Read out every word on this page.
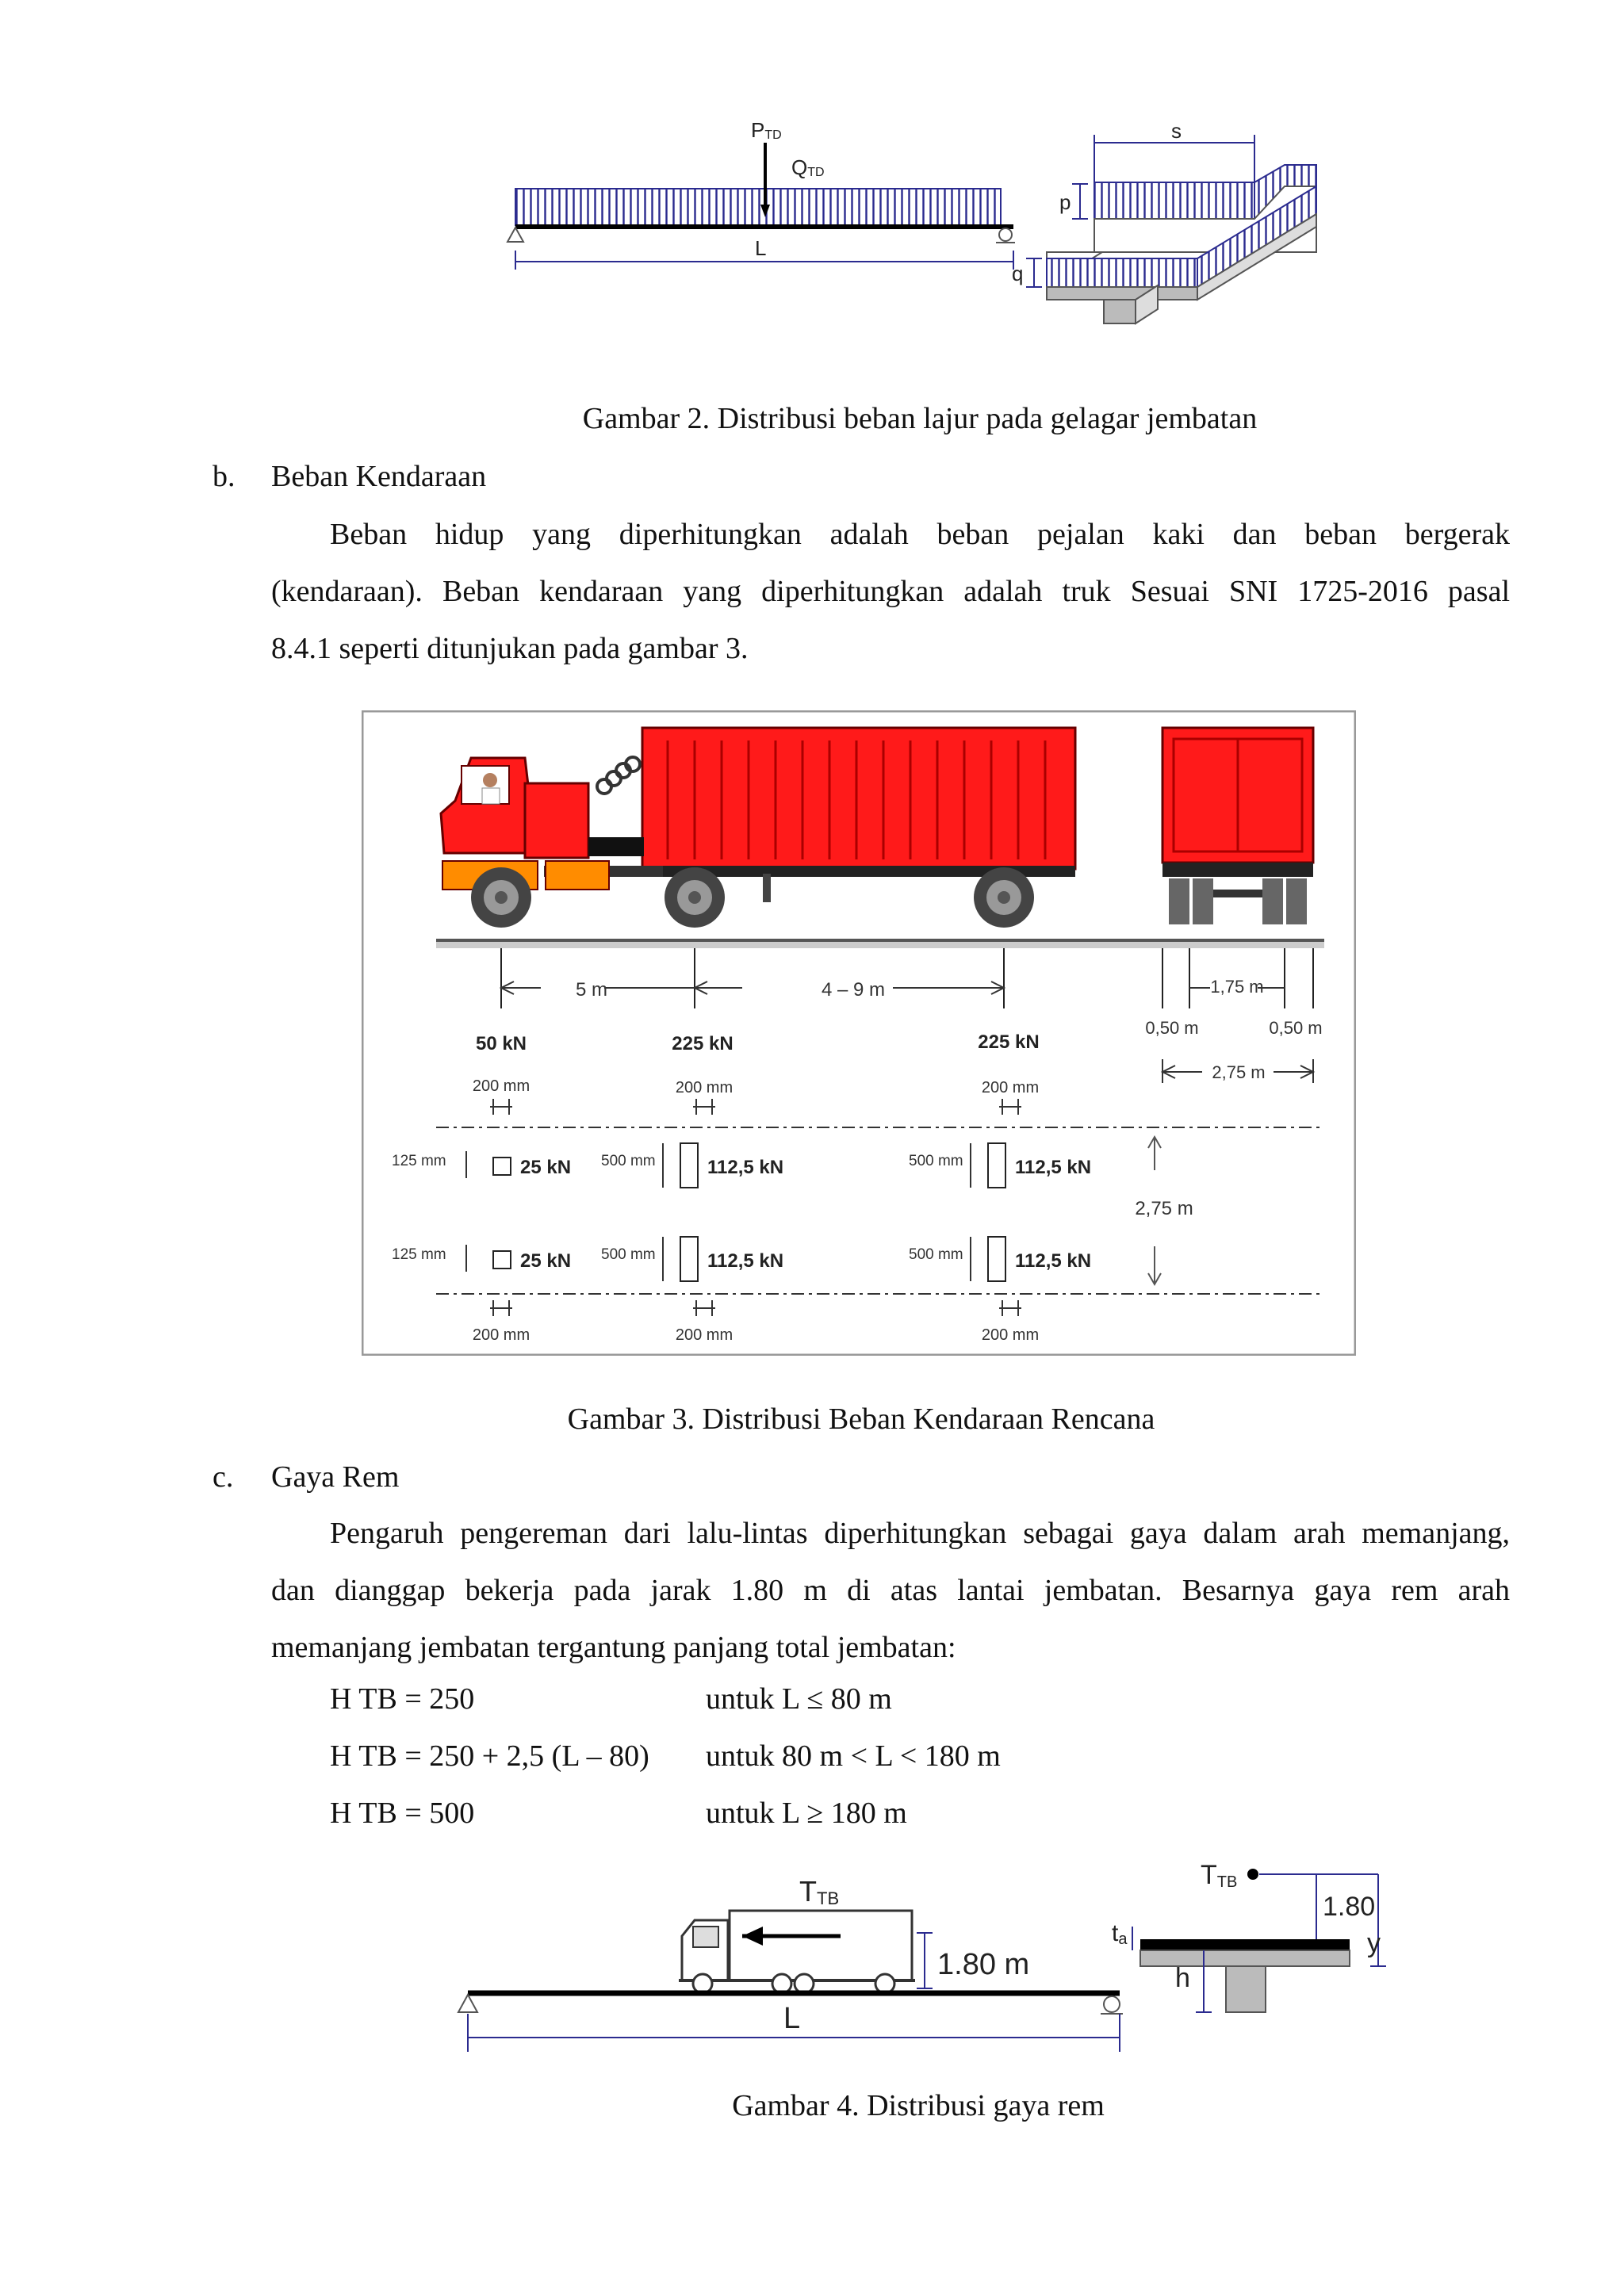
PTD
QTD
L
s
p
q
Gambar 2. Distribusi beban lajur pada gelagar jembatan
b. Beban Kendaraan
Beban hidup yang diperhitungkan adalah beban pejalan kaki dan beban bergerak
(kendaraan). Beban kendaraan yang diperhitungkan adalah truk Sesuai SNI 1725-2016 pasal
8.4.1 seperti ditunjukan pada gambar 3.
5 m	4 – 9 m	1,75 m
0,50 m	0,50 m
2,75 m
50 kN	225 kN	225 kN
200 mm	200 mm	200 mm
200 mm	200 mm	200 mm
125 mm	25 kN 500 mm	112,5 kN	500 mm	112,5 kN
125 mm	25 kN 500 mm	112,5 kN	500 mm	112,5 kN
2,75 m
Gambar 3. Distribusi Beban Kendaraan Rencana
c. Gaya Rem
Pengaruh pengereman dari lalu-lintas diperhitungkan sebagai gaya dalam arah memanjang,
dan dianggap bekerja pada jarak 1.80 m di atas lantai jembatan. Besarnya gaya rem arah
memanjang jembatan tergantung panjang total jembatan:
H TB = 250	untuk L ≤ 80 m
H TB = 250 + 2,5 (L – 80) untuk 80 m < L < 180 m
H TB = 500	untuk L ≥ 180 m
TTB
1.80 m
L
TTB
1.80
y
ta
h
Gambar 4. Distribusi gaya rem
